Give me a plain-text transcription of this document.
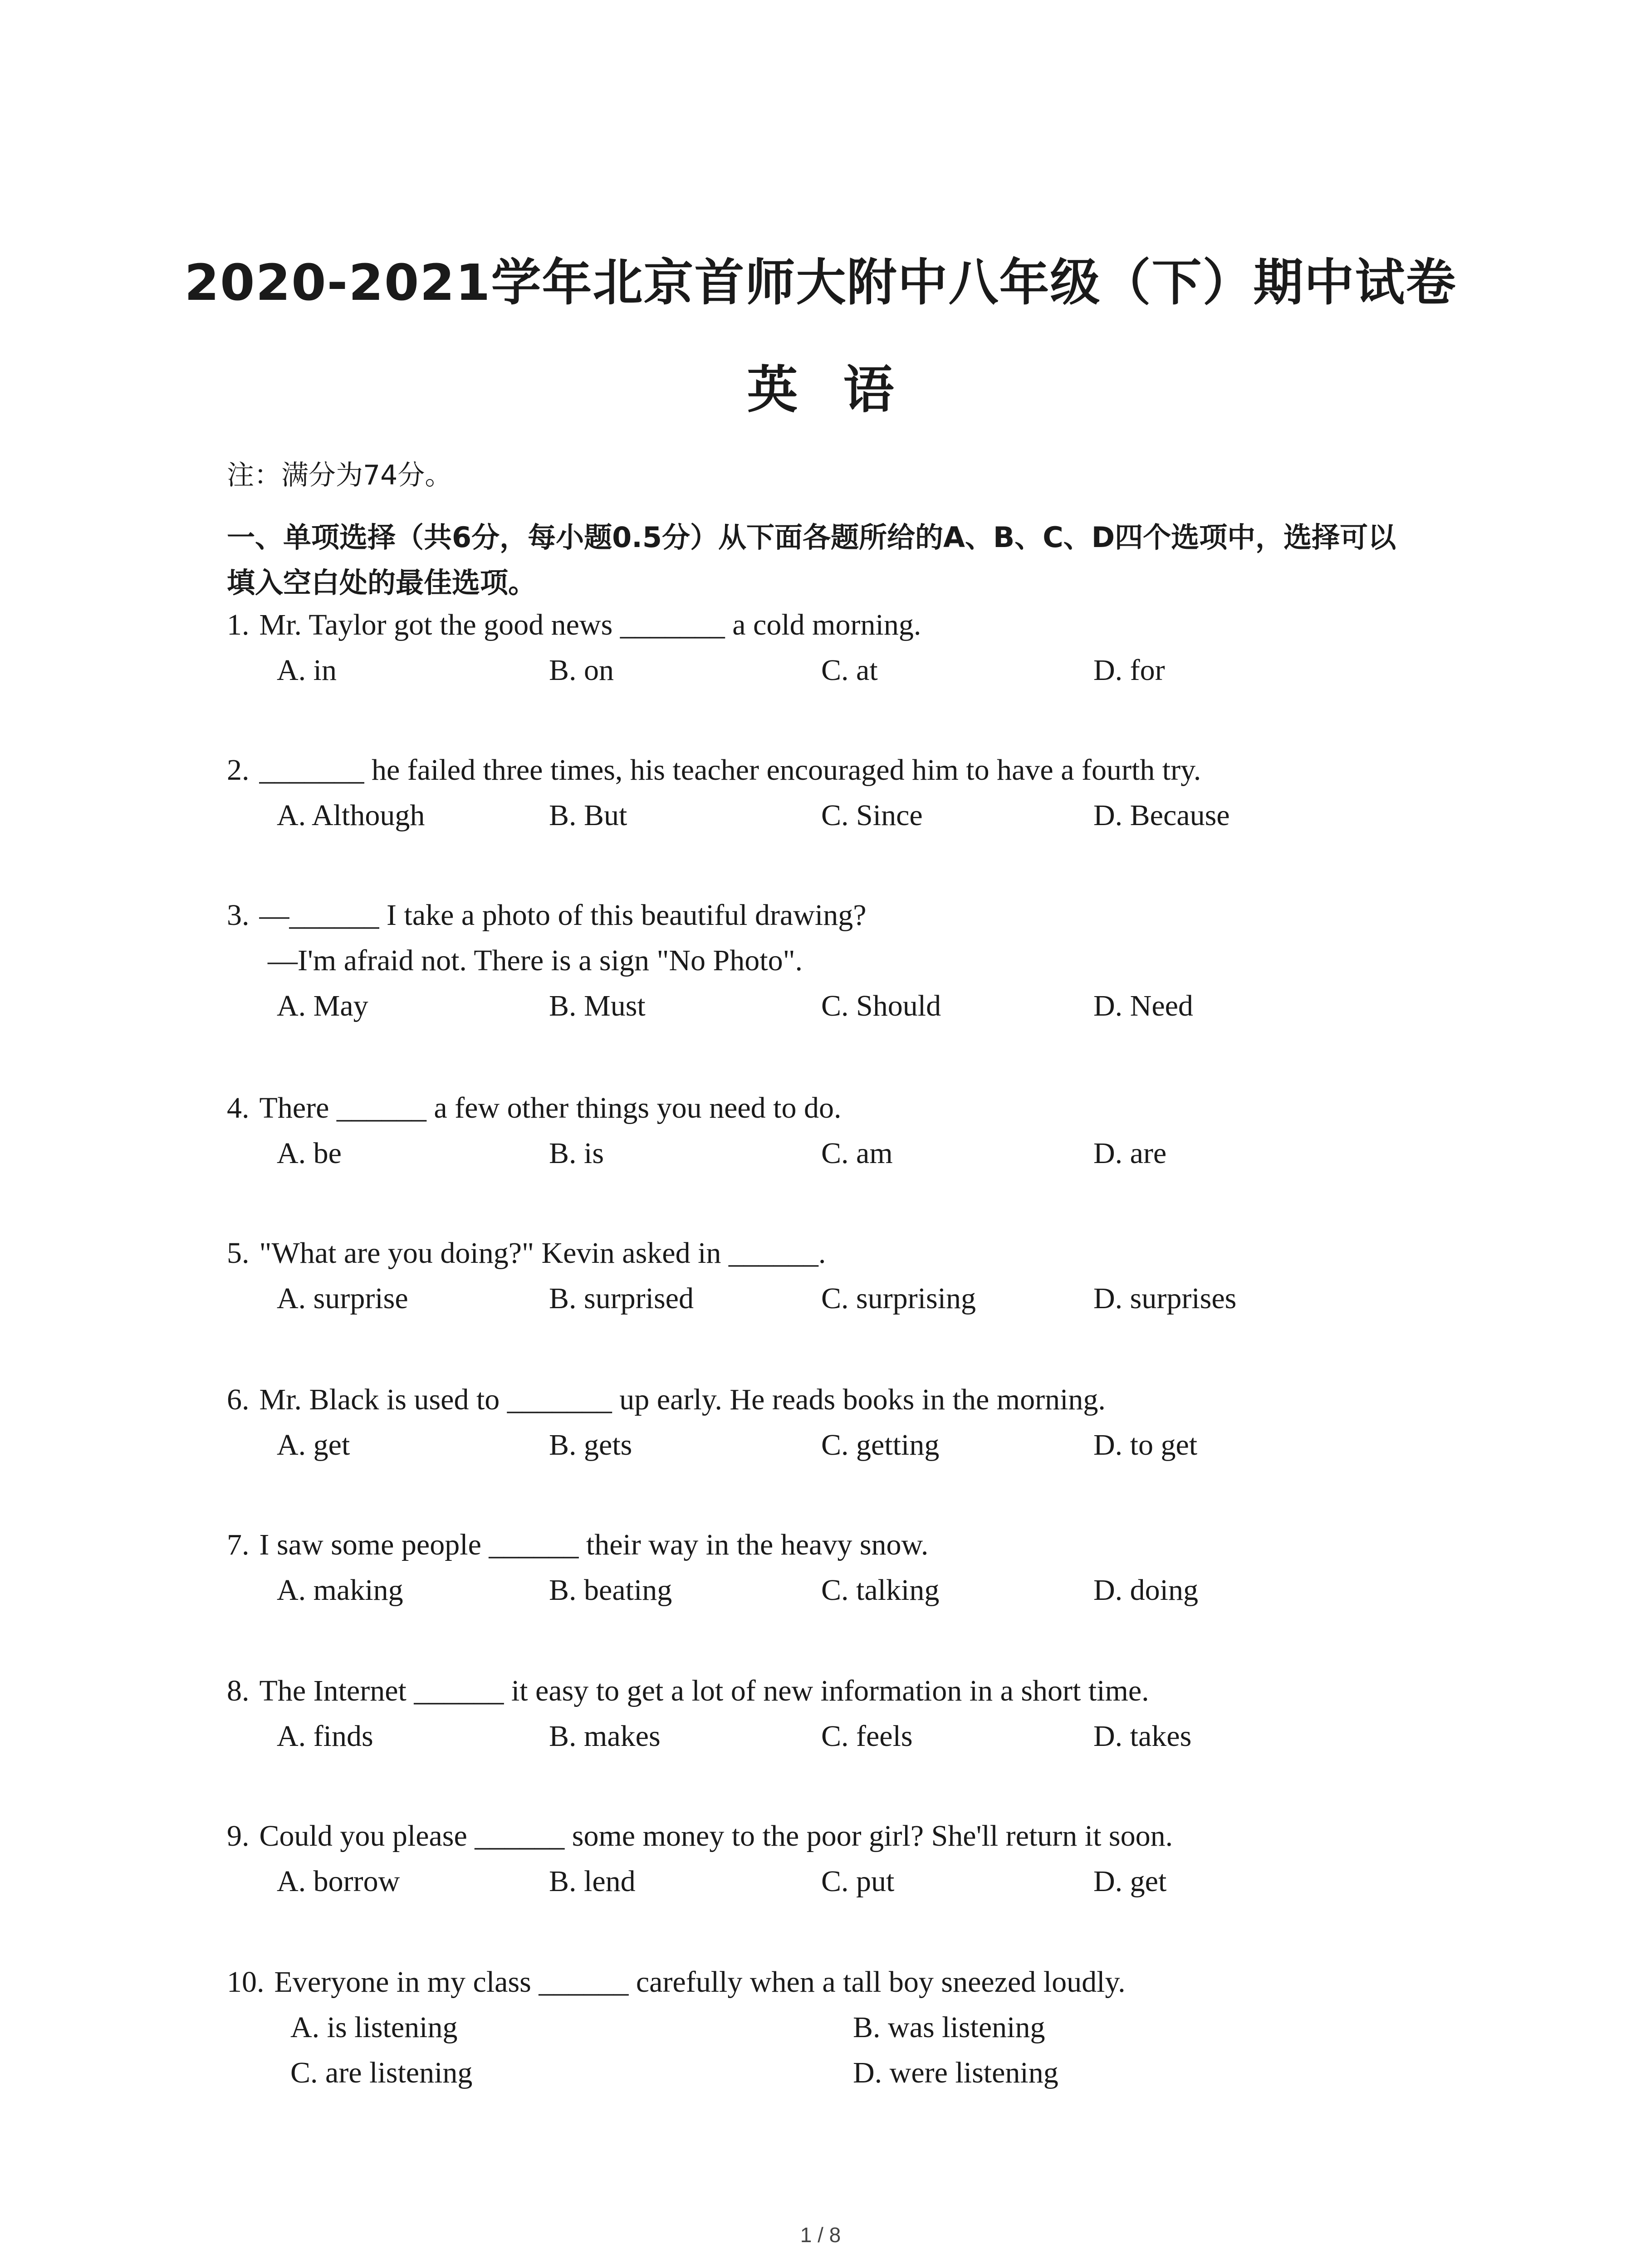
2020-2021学年北京首师大附中八年级（下）期中试卷
英语
注：满分为74分。
一、单项选择（共6分，每小题0.5分）从下面各题所给的A、B、C、D四个选项中，选择可以
填入空白处的最佳选项。
1. Mr. Taylor got the good news _______ a cold morning.
A. in	B. on	C. at	D. for
2. _______ he failed three times, his teacher encouraged him to have a fourth try.
A. Although	B. But	C. Since	D. Because
3. —______ I take a photo of this beautiful drawing?
—I'm afraid not. There is a sign "No Photo".
A. May	B. Must	C. Should	D. Need
4. There ______ a few other things you need to do.
A. be	B. is	C. am	D. are
5. "What are you doing?" Kevin asked in ______.
A. surprise	B. surprised	C. surprising	D. surprises
6. Mr. Black is used to _______ up early. He reads books in the morning.
A. get	B. gets	C. getting	D. to get
7. I saw some people ______ their way in the heavy snow.
A. making	B. beating	C. talking	D. doing
8. The Internet ______ it easy to get a lot of new information in a short time.
A. finds	B. makes	C. feels	D. takes
9. Could you please ______ some money to the poor girl? She'll return it soon.
A. borrow	B. lend	C. put	D. get
10. Everyone in my class ______ carefully when a tall boy sneezed loudly.
A. is listening	B. was listening
C. are listening	D. were listening
1 / 8
